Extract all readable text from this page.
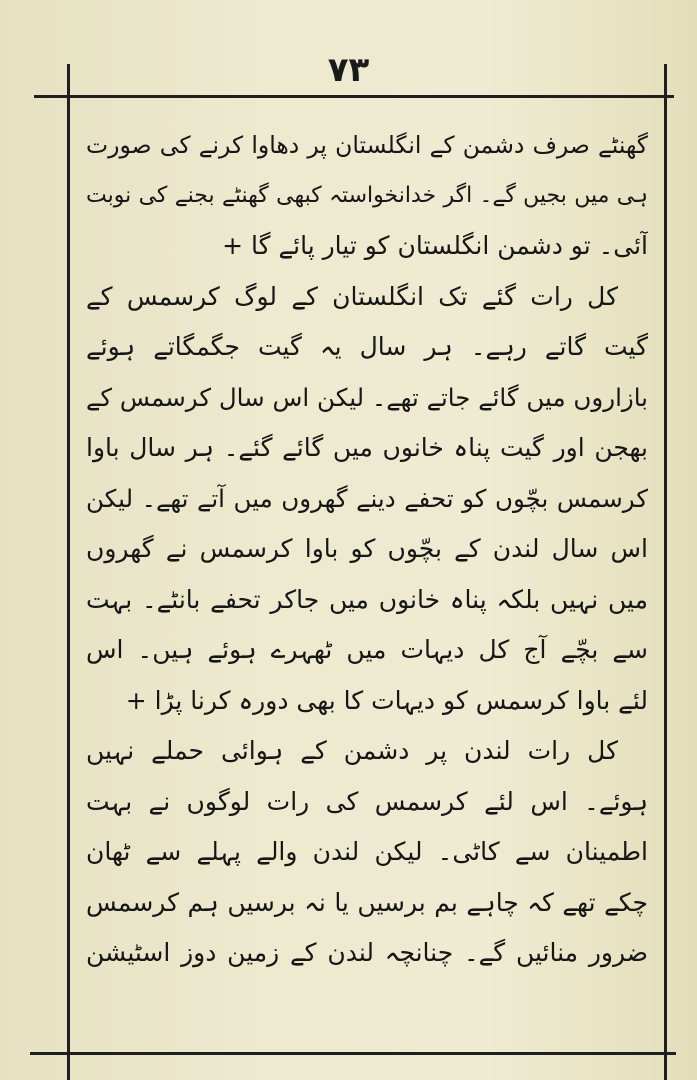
۷۳
گھنٹے صرف دشمن کے انگلستان پر دھاوا کرنے کی صورت
ہی میں بجیں گے۔ اگر خدانخواستہ کبھی گھنٹے بجنے کی نوبت
آئی۔ تو دشمن انگلستان کو تیار پائے گا +
کل رات گئے تک انگلستان کے لوگ کرسمس کے
گیت گاتے رہے۔ ہر سال یہ گیت جگمگاتے ہوئے
بازاروں میں گائے جاتے تھے۔ لیکن اس سال کرسمس کے
بھجن اور گیت پناہ خانوں میں گائے گئے۔ ہر سال باوا
کرسمس بچّوں کو تحفے دینے گھروں میں آتے تھے۔ لیکن
اس سال لندن کے بچّوں کو باوا کرسمس نے گھروں
میں نہیں بلکہ پناہ خانوں میں جاکر تحفے بانٹے۔ بہت
سے بچّے آج کل دیہات میں ٹھہرے ہوئے ہیں۔ اس
لئے باوا کرسمس کو دیہات کا بھی دورہ کرنا پڑا +
کل رات لندن پر دشمن کے ہوائی حملے نہیں
ہوئے۔ اس لئے کرسمس کی رات لوگوں نے بہت
اطمینان سے کاٹی۔ لیکن لندن والے پہلے سے ٹھان
چکے تھے کہ چاہے بم برسیں یا نہ برسیں ہم کرسمس
ضرور منائیں گے۔ چنانچہ لندن کے زمین دوز اسٹیشن
